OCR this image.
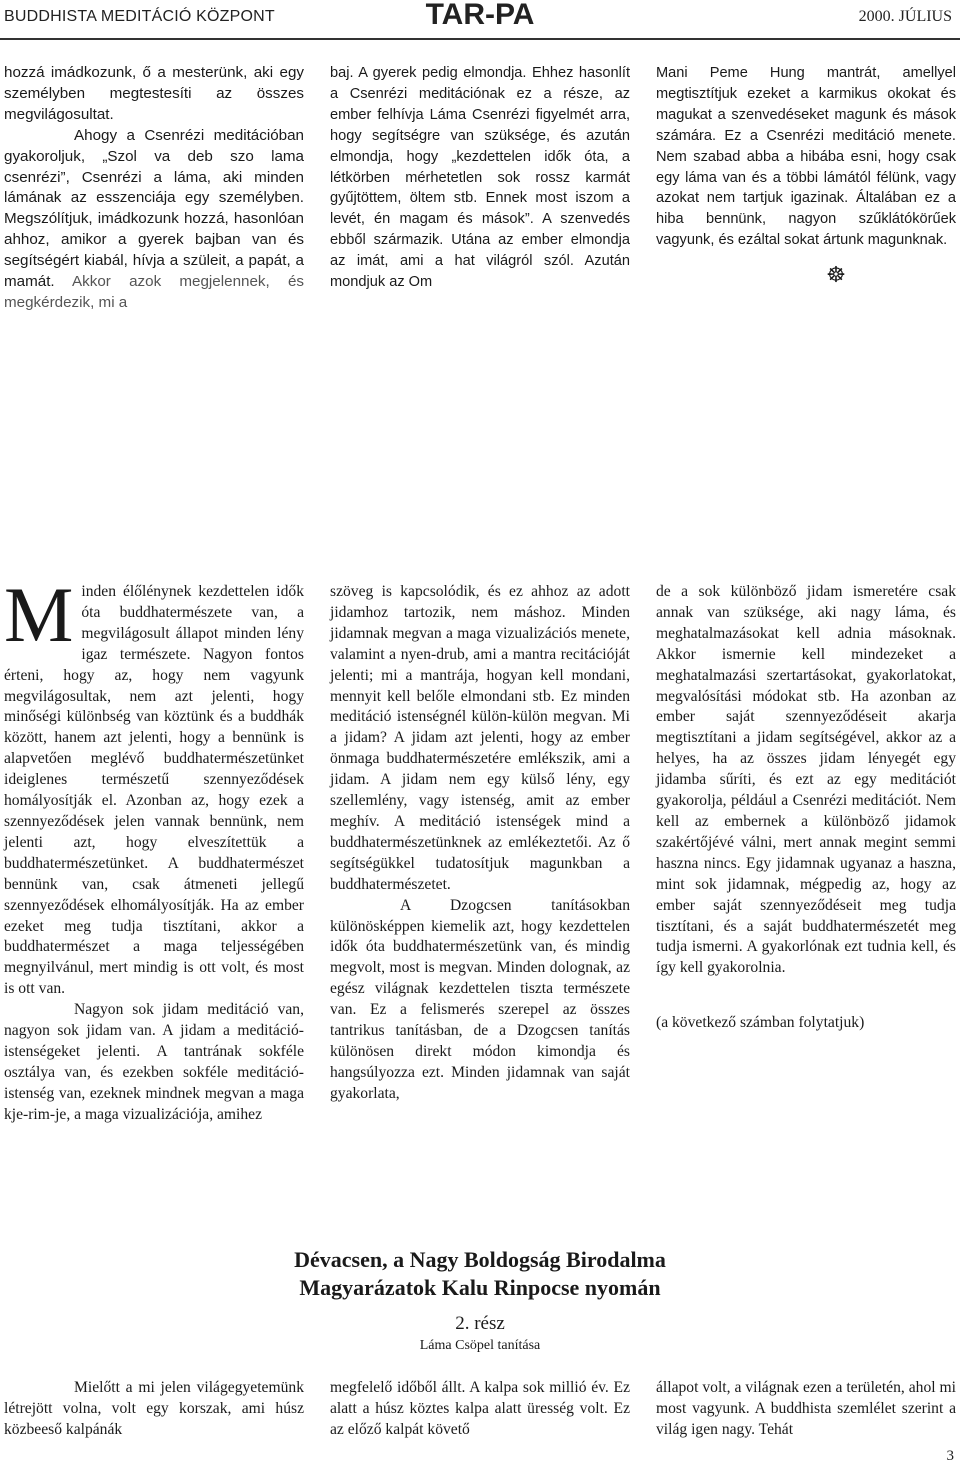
BUDDHISTA MEDITÁCIÓ KÖZPONT	TAR-PA	2000. JÚLIUS

hozzá imádkozunk, ő a mesterünk, aki egy személyben megtestesíti az összes megvilágosultat.

Ahogy a Csenrézi meditációban gyakoroljuk, „Szol va deb szo lama csenrézi”, Csenrézi a láma, aki minden lámának az esszenciája egy személyben. Megszólítjuk, imádkozunk hozzá, hasonlóan ahhoz, amikor a gyerek bajban van és segítségért kiabál, hívja a szüleit, a papát, a mamát. Akkor azok megjelennek, és megkérdezik, mi a

baj. A gyerek pedig elmondja. Ehhez hasonlít a Csenrézi meditációnak ez a része, az ember felhívja Láma Csenrézi figyelmét arra, hogy segítségre van szüksége, és azután elmondja, hogy „kezdettelen idők óta, a létkörben mérhetetlen sok rossz karmát gyűjtöttem, öltem stb. Ennek most iszom a levét, én magam és mások”. A szenvedés ebből származik. Utána az ember elmondja az imát, ami a hat világról szól. Azután mondjuk az Om

Mani Peme Hung mantrát, amellyel megtisztítjuk ezeket a karmikus okokat és magukat a szenvedéseket magunk és mások számára. Ez a Csenrézi meditáció menete. Nem szabad abba a hibába esni, hogy csak egy láma van és a többi lámától félünk, vagy azokat nem tartjuk igazinak. Általában ez a hiba bennünk, nagyon szűklátókörűek vagyunk, és ezáltal sokat ártunk magunknak.

☸

Minden élőlénynek kezdettelen idők óta buddhatermészete van, a megvilágosult állapot minden lény igaz természete. Nagyon fontos érteni, hogy az, hogy nem vagyunk megvilágosultak, nem azt jelenti, hogy minőségi különbség van köztünk és a buddhák között, hanem azt jelenti, hogy a bennünk is alapvetően meglévő buddhatermészetünket ideiglenes természetű szennyeződések homályosítják el. Azonban az, hogy ezek a szennyeződések jelen vannak bennünk, nem jelenti azt, hogy elveszítettük a buddhatermészetünket. A buddhatermészet bennünk van, csak átmeneti jellegű szennyeződések elhomályosítják. Ha az ember ezeket meg tudja tisztítani, akkor a buddhatermészet a maga teljességében megnyilvánul, mert mindig is ott volt, és most is ott van.

Nagyon sok jidam meditáció van, nagyon sok jidam van. A jidam a meditáció-istenségeket jelenti. A tantrának sokféle osztálya van, és ezekben sokféle meditáció-istenség van, ezeknek mindnek megvan a maga kje-rim-je, a maga vizualizációja, amihez

szöveg is kapcsolódik, és ez ahhoz az adott jidamhoz tartozik, nem máshoz. Minden jidamnak megvan a maga vizualizációs menete, valamint a nyen-drub, ami a mantra recitációját jelenti; mi a mantrája, hogyan kell mondani, mennyit kell belőle elmondani stb. Ez minden meditáció istenségnél külön-külön megvan. Mi a jidam? A jidam azt jelenti, hogy az ember önmaga buddhatermészetére emlékszik, ami a jidam. A jidam nem egy külső lény, egy szellemlény, vagy istenség, amit az ember meghív. A meditáció istenségek mind a buddhatermészetünknek az emlékeztetői. Az ő segítségükkel tudatosítjuk magunkban a buddhatermészetet.

A Dzogcsen tanításokban különösképpen kiemelik azt, hogy kezdettelen idők óta buddhatermészetünk van, és mindig megvolt, most is megvan. Minden dolognak, az egész világnak kezdettelen tiszta természete van. Ez a felismerés szerepel az összes tantrikus tanításban, de a Dzogcsen tanítás különösen direkt módon kimondja és hangsúlyozza ezt. Minden jidamnak van saját gyakorlata,

de a sok különböző jidam ismeretére csak annak van szüksége, aki nagy láma, és meghatalmazásokat kell adnia másoknak. Akkor ismernie kell mindezeket a meghatalmazási szertartásokat, gyakorlatokat, megvalósítási módokat stb. Ha azonban az ember saját szennyeződéseit akarja megtisztítani a jidam segítségével, akkor az a helyes, ha az összes jidam lényegét egy jidamba sűríti, és ezt az egy meditációt gyakorolja, például a Csenrézi meditációt. Nem kell az embernek a különböző jidamok szakértőjévé válni, mert annak megint semmi haszna nincs. Egy jidamnak ugyanaz a haszna, mint sok jidamnak, mégpedig az, hogy az ember saját szennyeződéseit meg tudja tisztítani, és a saját buddhatermészetét meg tudja ismerni. A gyakorlónak ezt tudnia kell, és így kell gyakorolnia.

(a következő számban folytatjuk)

Dévacsen, a Nagy Boldogság Birodalma
Magyarázatok Kalu Rinpocse nyomán
2. rész
Láma Csöpel tanítása

Mielőtt a mi jelen világegyetemünk létrejött volna, volt egy korszak, ami húsz közbeeső kalpánák

megfelelő időből állt. A kalpa sok millió év. Ez alatt a húsz köztes kalpa alatt üresség volt. Ez az előző kalpát követő

állapot volt, a világnak ezen a területén, ahol mi most vagyunk. A buddhista szemlélet szerint a világ igen nagy. Tehát

3
